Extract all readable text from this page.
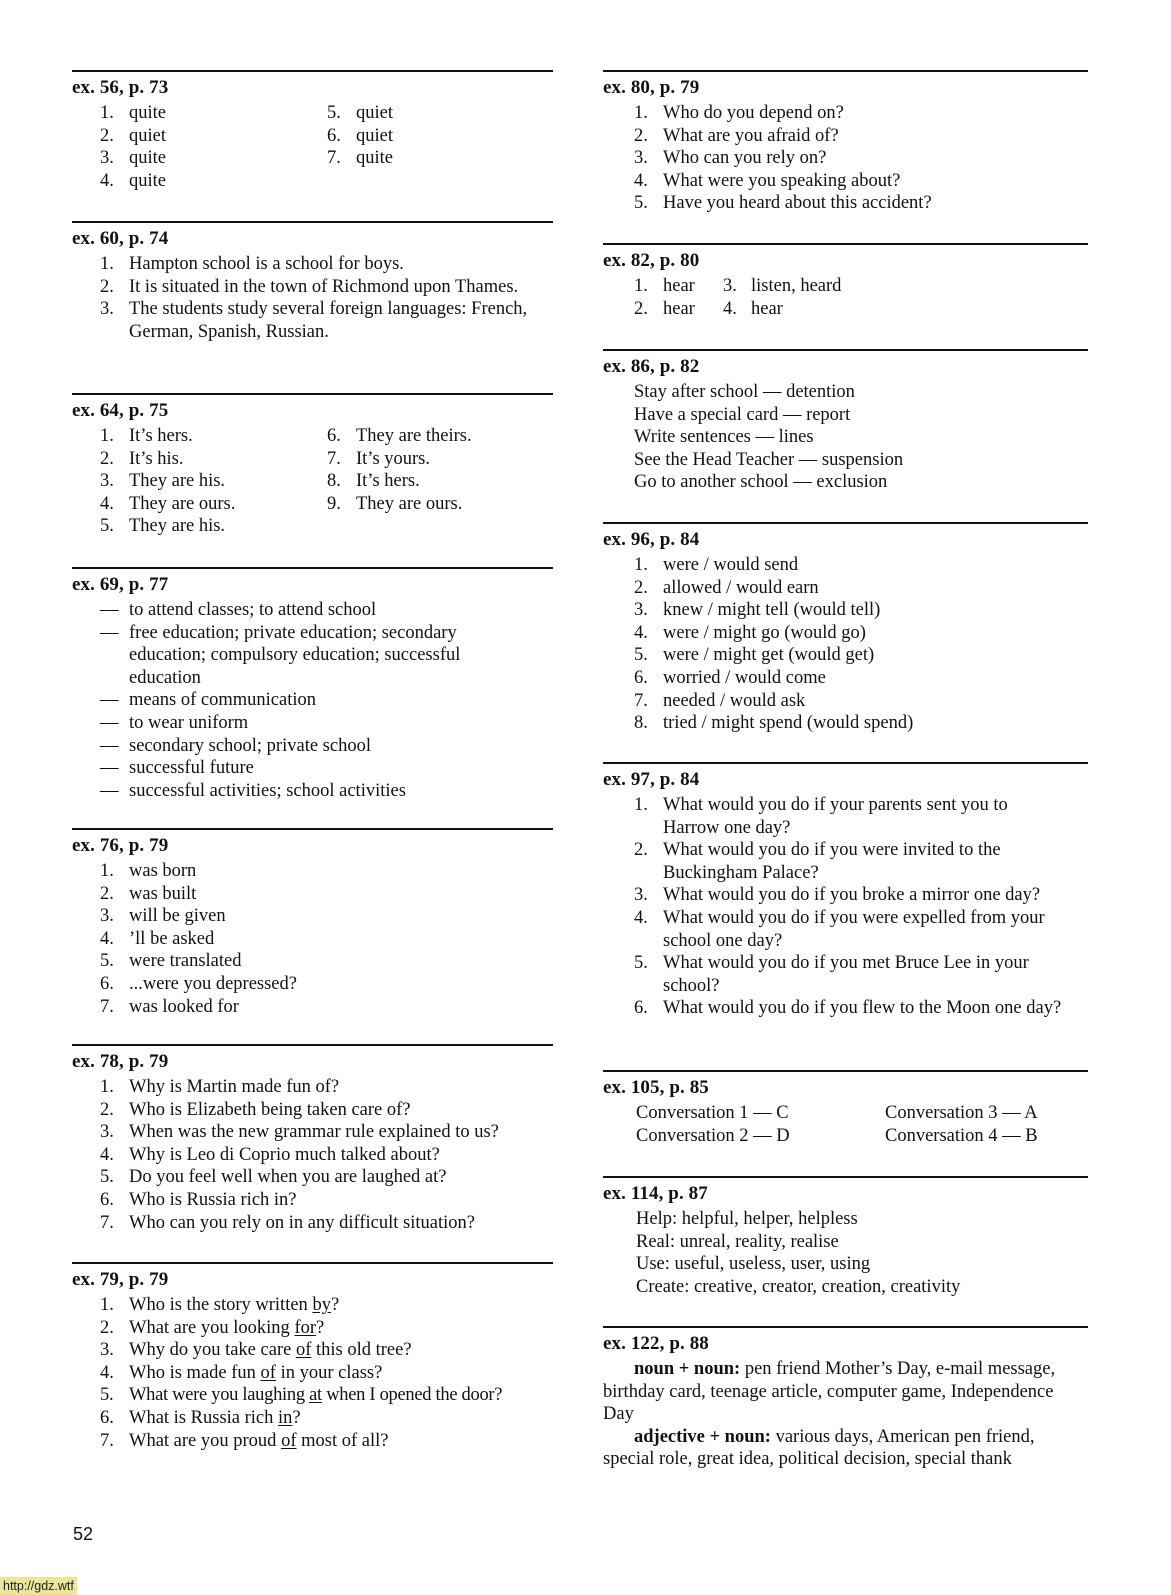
ex. 56, p. 73
1. quite
2. quiet
3. quite
4. quite
5. quiet
6. quiet
7. quite
ex. 60, p. 74
1. Hampton school is a school for boys.
2. It is situated in the town of Richmond upon Thames.
3. The students study several foreign languages: French, German, Spanish, Russian.
ex. 64, p. 75
1. It’s hers.
2. It’s his.
3. They are his.
4. They are ours.
5. They are his.
6. They are theirs.
7. It’s yours.
8. It’s hers.
9. They are ours.
ex. 69, p. 77
— to attend classes; to attend school
— free education; private education; secondary education; compulsory education; successful education
— means of communication
— to wear uniform
— secondary school; private school
— successful future
— successful activities; school activities
ex. 76, p. 79
1. was born
2. was built
3. will be given
4. ’ll be asked
5. were translated
6. ...were you depressed?
7. was looked for
ex. 78, p. 79
1. Why is Martin made fun of?
2. Who is Elizabeth being taken care of?
3. When was the new grammar rule explained to us?
4. Why is Leo di Coprio much talked about?
5. Do you feel well when you are laughed at?
6. Who is Russia rich in?
7. Who can you rely on in any difficult situation?
ex. 79, p. 79
1. Who is the story written by?
2. What are you looking for?
3. Why do you take care of this old tree?
4. Who is made fun of in your class?
5. What were you laughing at when I opened the door?
6. What is Russia rich in?
7. What are you proud of most of all?
ex. 80, p. 79
1. Who do you depend on?
2. What are you afraid of?
3. Who can you rely on?
4. What were you speaking about?
5. Have you heard about this accident?
ex. 82, p. 80
1. hear
2. hear
3. listen, heard
4. hear
ex. 86, p. 82
Stay after school — detention
Have a special card — report
Write sentences — lines
See the Head Teacher — suspension
Go to another school — exclusion
ex. 96, p. 84
1. were / would send
2. allowed / would earn
3. knew / might tell (would tell)
4. were / might go (would go)
5. were / might get (would get)
6. worried / would come
7. needed / would ask
8. tried / might spend (would spend)
ex. 97, p. 84
1. What would you do if your parents sent you to Harrow one day?
2. What would you do if you were invited to the Buckingham Palace?
3. What would you do if you broke a mirror one day?
4. What would you do if you were expelled from your school one day?
5. What would you do if you met Bruce Lee in your school?
6. What would you do if you flew to the Moon one day?
ex. 105, p. 85
Conversation 1 — C	Conversation 3 — A
Conversation 2 — D	Conversation 4 — B
ex. 114, p. 87
Help: helpful, helper, helpless
Real: unreal, reality, realise
Use: useful, useless, user, using
Create: creative, creator, creation, creativity
ex. 122, p. 88

noun + noun: pen friend Mother’s Day, e-mail message, birthday card, teenage article, computer game, Independence Day

adjective + noun: various days, American pen friend, special role, great idea, political decision, special thank

52
http://gdz.wtf
